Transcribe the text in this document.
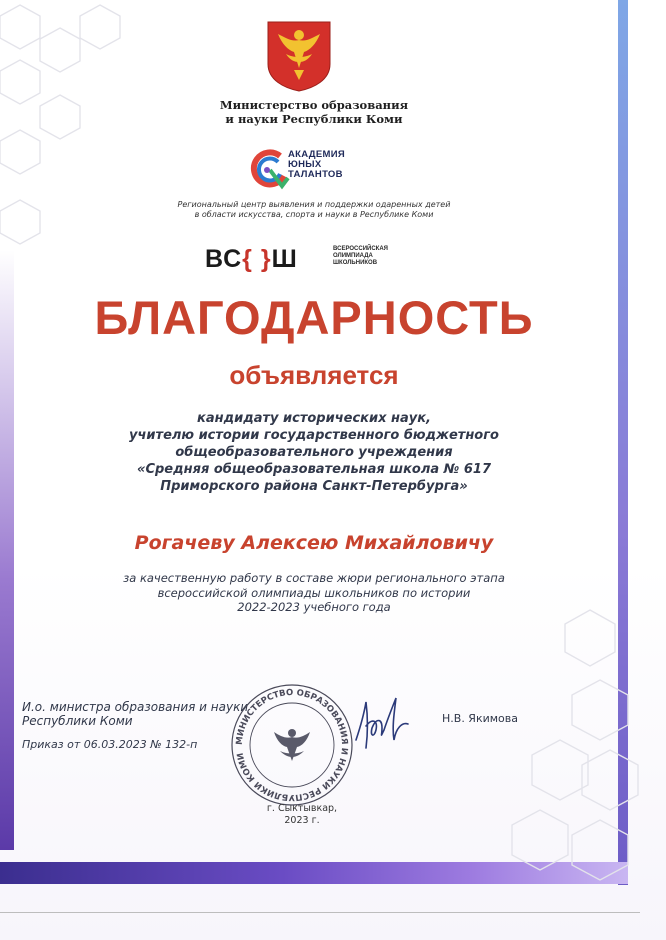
Министерство образования
и науки Республики Коми
АКАДЕМИЯ
ЮНЫХ
ТАЛАНТОВ
Региональный центр выявления и поддержки одаренных детей
в области искусства, спорта и науки в Республике Коми
ВС{ }Ш	ВСЕРОССИЙСКАЯ
ОЛИМПИАДА
ШКОЛЬНИКОВ
БЛАГОДАРНОСТЬ
объявляется
кандидату исторических наук,
учителю истории государственного бюджетного
общеобразовательного учреждения
«Средняя общеобразовательная школа № 617
Приморского района Санкт-Петербурга»
Рогачеву Алексею Михайловичу
за качественную работу в составе жюри регионального этапа
всероссийской олимпиады школьников по истории
2022-2023 учебного года
И.о. министра образования и науки
Республики Коми
Приказ от 06.03.2023 № 132-п
Н.В. Якимова
МИНИСТЕРСТВО ОБРАЗОВАНИЯ И НАУКИ РЕСПУБЛИКИ КОМИ
г. Сыктывкар,
2023 г.
